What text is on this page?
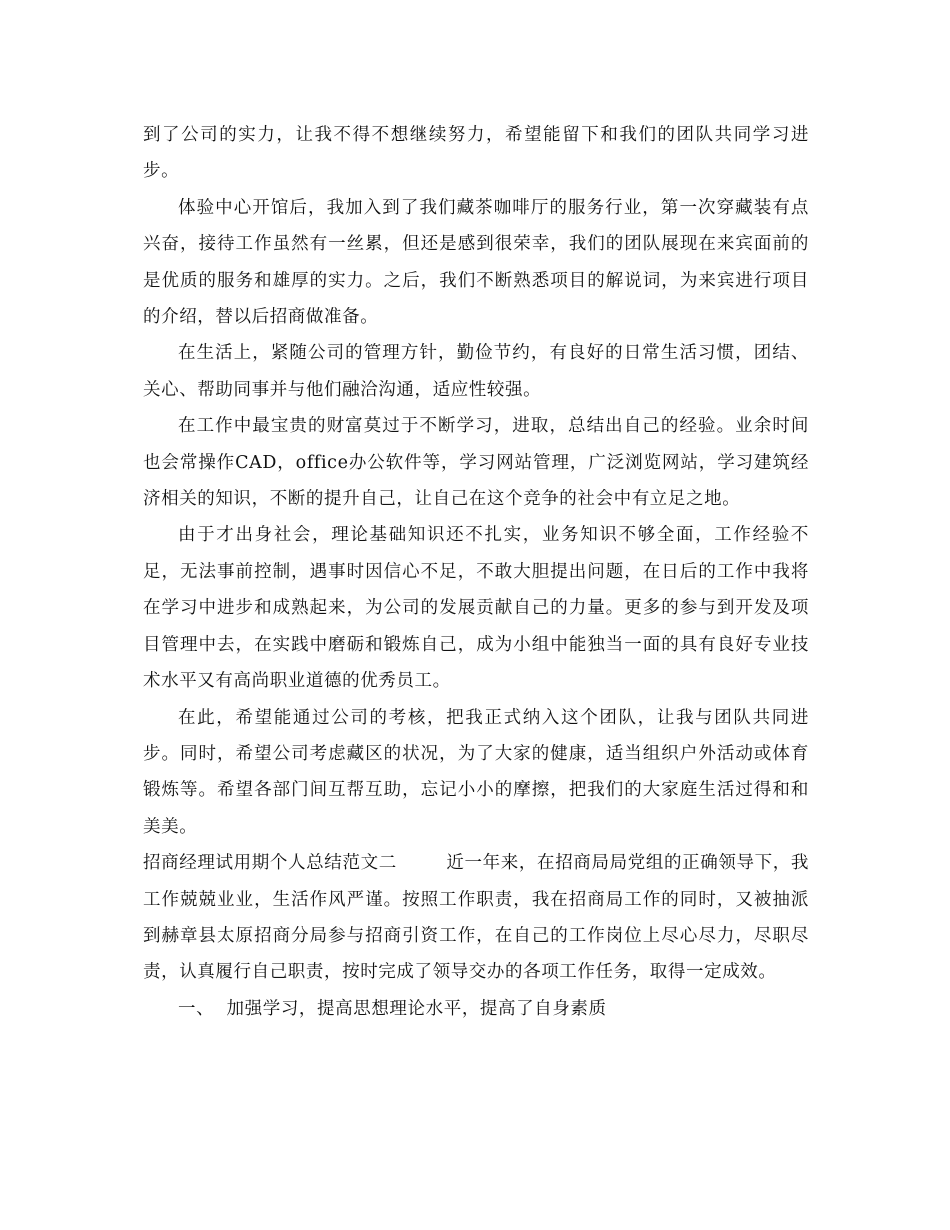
到了公司的实力，让我不得不想继续努力，希望能留下和我们的团队共同学习进步。

体验中心开馆后，我加入到了我们藏茶咖啡厅的服务行业，第一次穿藏装有点兴奋，接待工作虽然有一丝累，但还是感到很荣幸，我们的团队展现在来宾面前的是优质的服务和雄厚的实力。之后，我们不断熟悉项目的解说词，为来宾进行项目的介绍，替以后招商做准备。

在生活上，紧随公司的管理方针，勤俭节约，有良好的日常生活习惯，团结、关心、帮助同事并与他们融洽沟通，适应性较强。

在工作中最宝贵的财富莫过于不断学习，进取，总结出自己的经验。业余时间也会常操作CAD，office办公软件等，学习网站管理，广泛浏览网站，学习建筑经济相关的知识，不断的提升自己，让自己在这个竞争的社会中有立足之地。

由于才出身社会，理论基础知识还不扎实，业务知识不够全面，工作经验不足，无法事前控制，遇事时因信心不足，不敢大胆提出问题，在日后的工作中我将在学习中进步和成熟起来，为公司的发展贡献自己的力量。更多的参与到开发及项目管理中去，在实践中磨砺和锻炼自己，成为小组中能独当一面的具有良好专业技术水平又有高尚职业道德的优秀员工。

在此，希望能通过公司的考核，把我正式纳入这个团队，让我与团队共同进步。同时，希望公司考虑藏区的状况，为了大家的健康，适当组织户外活动或体育锻炼等。希望各部门间互帮互助，忘记小小的摩擦，把我们的大家庭生活过得和和美美。

招商经理试用期个人总结范文二	近一年来，在招商局局党组的正确领导下，我工作兢兢业业，生活作风严谨。按照工作职责，我在招商局工作的同时，又被抽派到赫章县太原招商分局参与招商引资工作，在自己的工作岗位上尽心尽力，尽职尽责，认真履行自己职责，按时完成了领导交办的各项工作任务，取得一定成效。

一、 加强学习，提高思想理论水平，提高了自身素质
